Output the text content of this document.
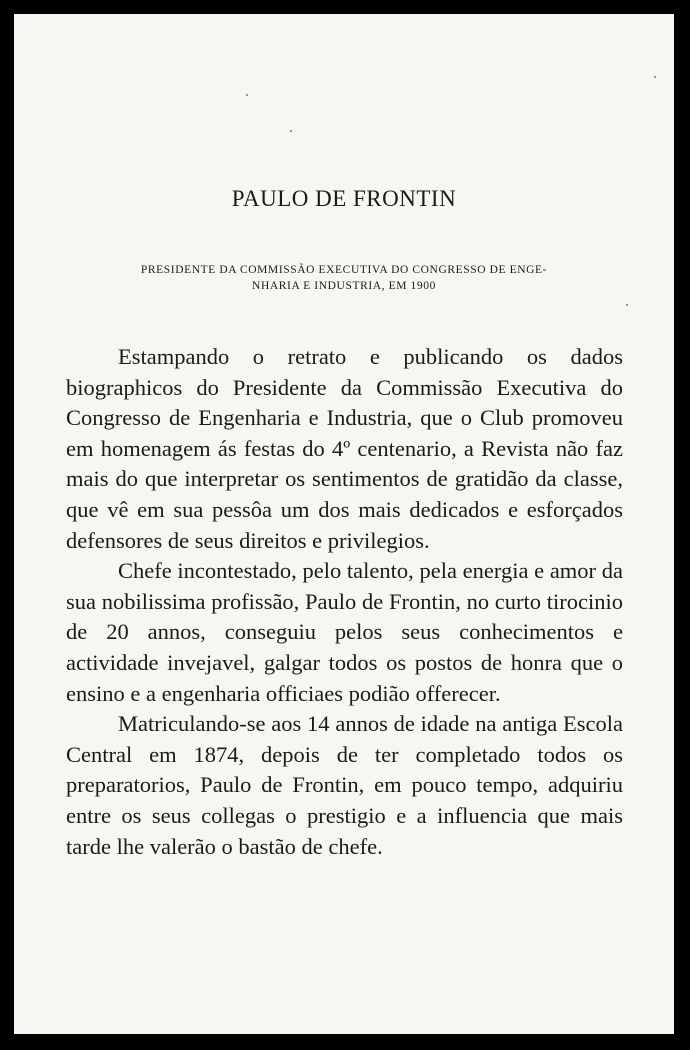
PAULO DE FRONTIN

PRESIDENTE DA COMMISSÃO EXECUTIVA DO CONGRESSO DE ENGE-
NHARIA E INDUSTRIA, EM 1900

Estampando o retrato e publicando os dados biographicos do Presidente da Commissão Executiva do Congresso de Engenharia e Industria, que o Club promoveu em homenagem ás festas do 4º centenario, a Revista não faz mais do que interpretar os sentimentos de gratidão da classe, que vê em sua pessôa um dos mais dedicados e esforçados defensores de seus direitos e privilegios.

Chefe incontestado, pelo talento, pela energia e amor da sua nobilissima profissão, Paulo de Frontin, no curto tirocinio de 20 annos, conseguiu pelos seus conhecimentos e actividade invejavel, galgar todos os postos de honra que o ensino e a engenharia officiaes podião offerecer.

Matriculando-se aos 14 annos de idade na antiga Escola Central em 1874, depois de ter completado todos os preparatorios, Paulo de Frontin, em pouco tempo, adquiriu entre os seus collegas o prestigio e a influencia que mais tarde lhe valerão o bastão de chefe.
